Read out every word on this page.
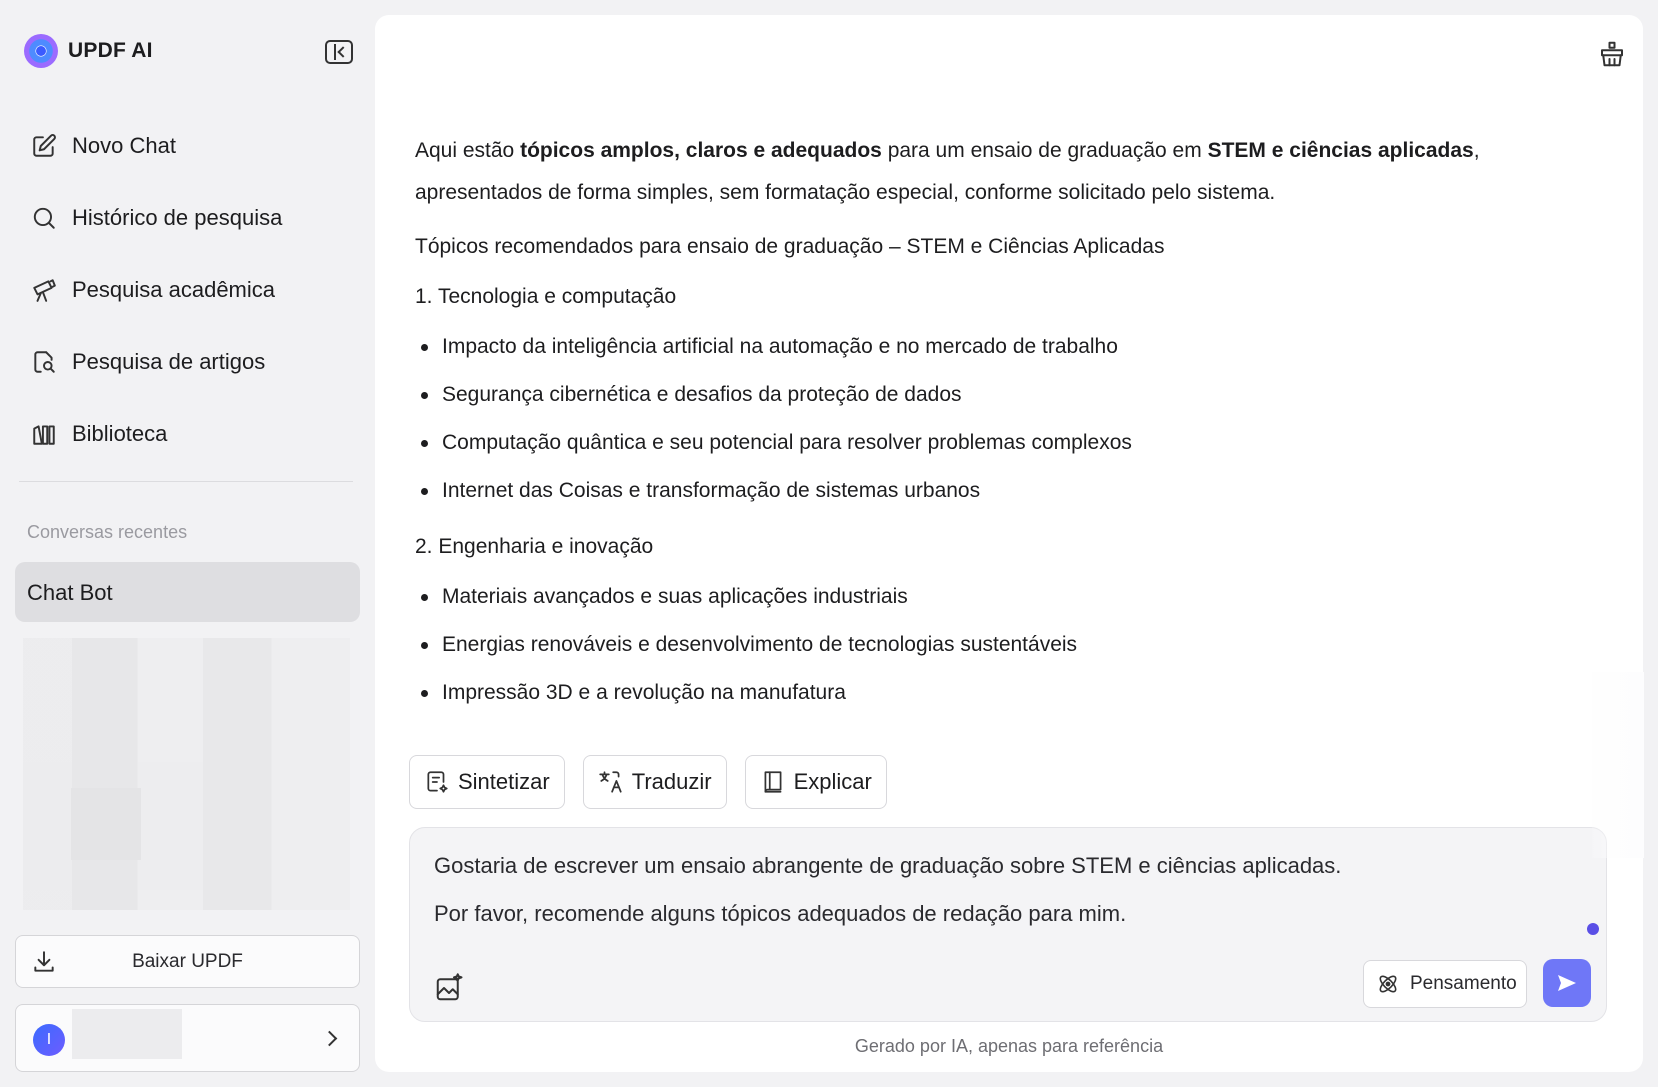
UPDF AI
Novo Chat
Histórico de pesquisa
Pesquisa acadêmica
Pesquisa de artigos
Biblioteca
Conversas recentes
Chat Bot
Baixar UPDF
I

Aqui estão tópicos amplos, claros e adequados para um ensaio de graduação em STEM e ciências aplicadas, apresentados de forma simples, sem formatação especial, conforme solicitado pelo sistema.

Tópicos recomendados para ensaio de graduação – STEM e Ciências Aplicadas

1. Tecnologia e computação

Impacto da inteligência artificial na automação e no mercado de trabalho
Segurança cibernética e desafios da proteção de dados
Computação quântica e seu potencial para resolver problemas complexos
Internet das Coisas e transformação de sistemas urbanos

2. Engenharia e inovação

Materiais avançados e suas aplicações industriais
Energias renováveis e desenvolvimento de tecnologias sustentáveis
Impressão 3D e a revolução na manufatura
Sintetizar	Traduzir	Explicar
Gostaria de escrever um ensaio abrangente de graduação sobre STEM e ciências aplicadas.
Por favor, recomende alguns tópicos adequados de redação para mim.
Pensamento
Gerado por IA, apenas para referência
